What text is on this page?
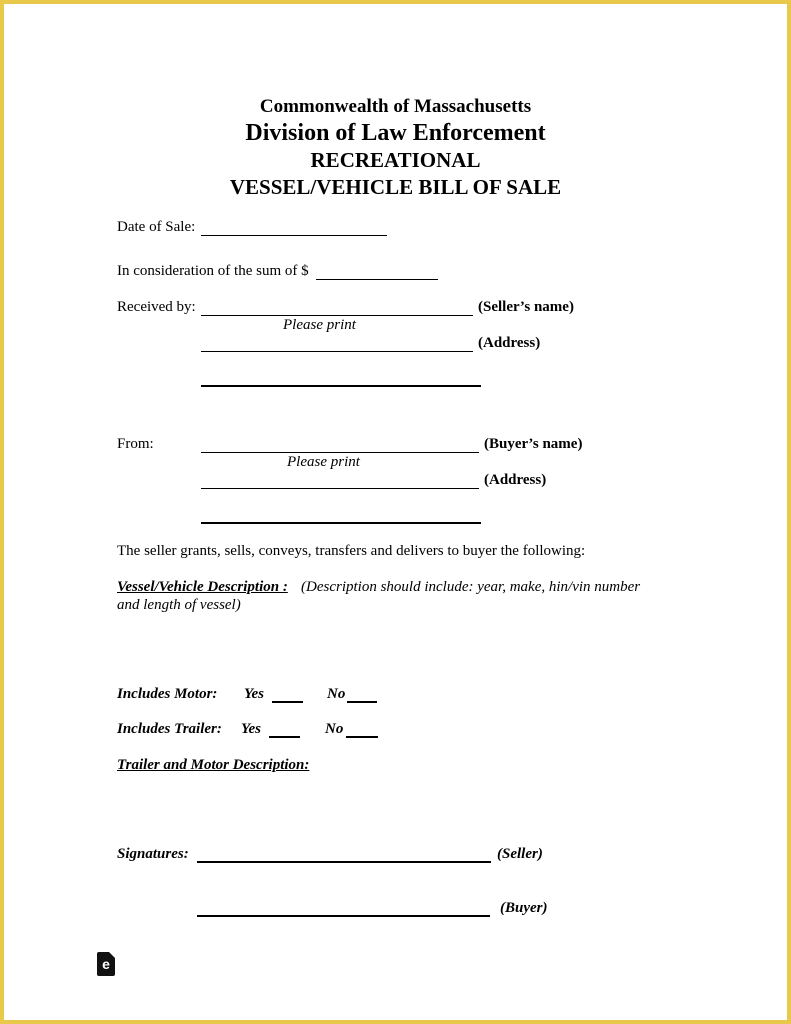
Commonwealth of Massachusetts
Division of Law Enforcement
RECREATIONAL
VESSEL/VEHICLE BILL OF SALE
Date of Sale:
In consideration of the sum of $
Received by:	(Seller’s name)
Please print
(Address)
From:	(Buyer’s name)
Please print
(Address)
The seller grants, sells, conveys, transfers and delivers to buyer the following:
Vessel/Vehicle Description : (Description should include: year, make, hin/vin number
and length of vessel)
Includes Motor: Yes	No
Includes Trailer: Yes	No
Trailer and Motor Description:
Signatures:	(Seller)
(Buyer)
e
